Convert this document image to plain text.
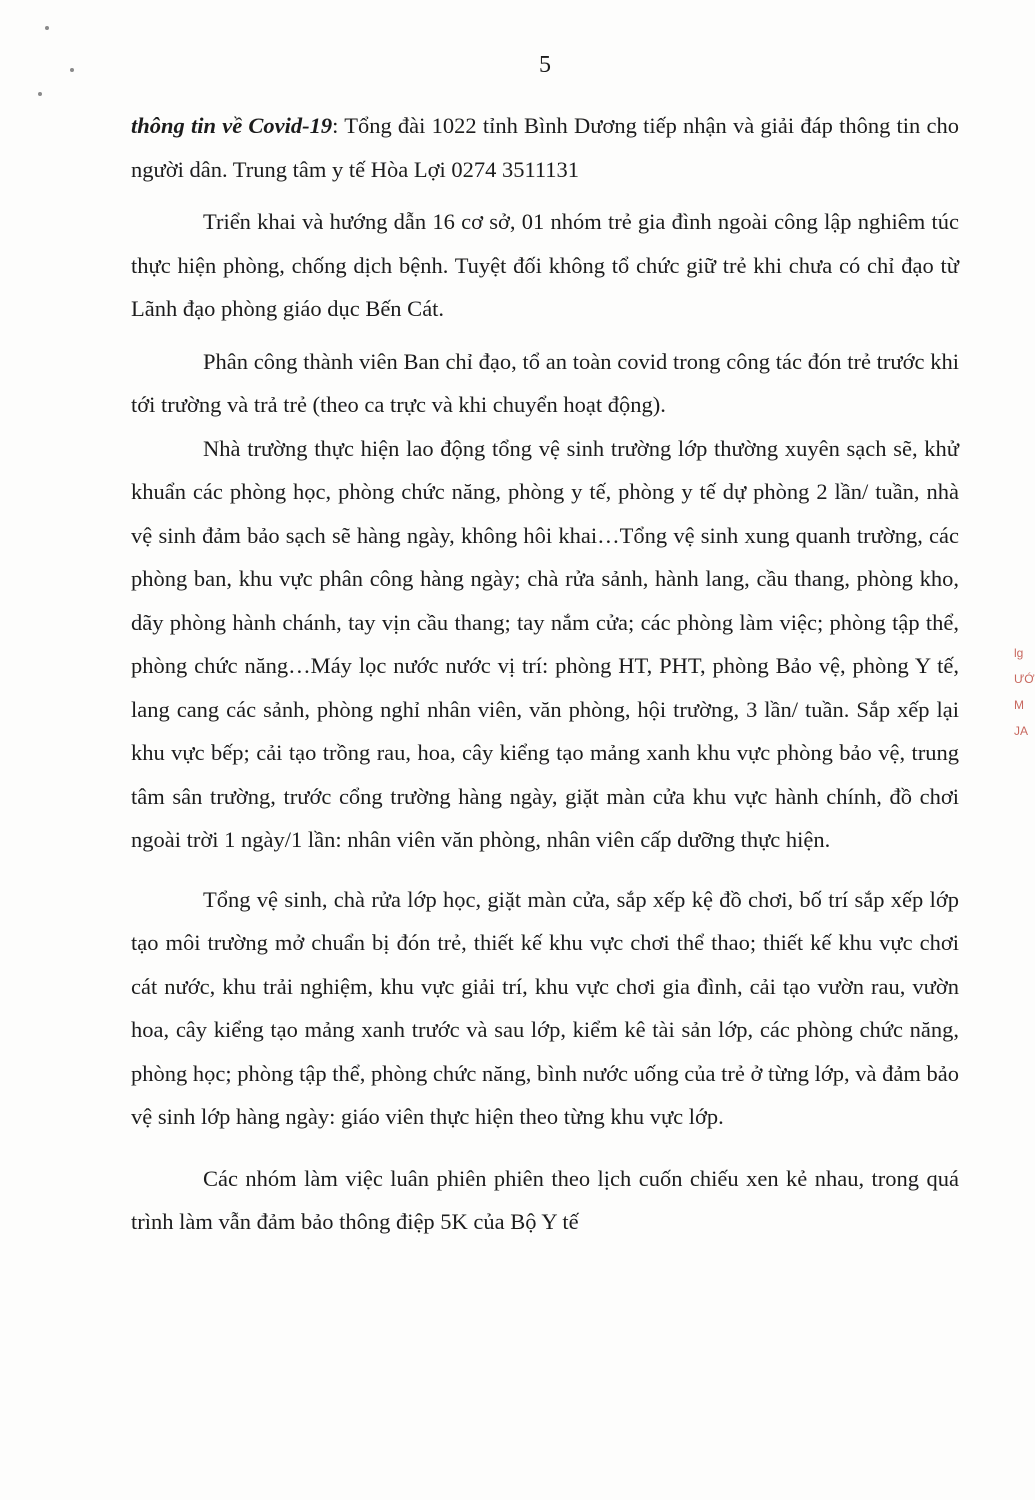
5

thông tin về Covid-19: Tổng đài 1022 tỉnh Bình Dương tiếp nhận và giải đáp thông tin cho người dân. Trung tâm y tế Hòa Lợi 0274 3511131

Triển khai và hướng dẫn 16 cơ sở, 01 nhóm trẻ gia đình ngoài công lập nghiêm túc thực hiện phòng, chống dịch bệnh. Tuyệt đối không tổ chức giữ trẻ khi chưa có chỉ đạo từ Lãnh đạo phòng giáo dục Bến Cát.

Phân công thành viên Ban chỉ đạo, tổ an toàn covid trong công tác đón trẻ trước khi tới trường và trả trẻ (theo ca trực và khi chuyển hoạt động).

Nhà trường thực hiện lao động tổng vệ sinh trường lớp thường xuyên sạch sẽ, khử khuẩn các phòng học, phòng chức năng, phòng y tế, phòng y tế dự phòng 2 lần/ tuần, nhà vệ sinh đảm bảo sạch sẽ hàng ngày, không hôi khai…Tổng vệ sinh xung quanh trường, các phòng ban, khu vực phân công hàng ngày; chà rửa sảnh, hành lang, cầu thang, phòng kho, dãy phòng hành chánh, tay vịn cầu thang; tay nắm cửa; các phòng làm việc; phòng tập thể, phòng chức năng…Máy lọc nước nước vị trí: phòng HT, PHT, phòng Bảo vệ, phòng Y tế, lang cang các sảnh, phòng nghỉ nhân viên, văn phòng, hội trường, 3 lần/ tuần. Sắp xếp lại khu vực bếp; cải tạo trồng rau, hoa, cây kiểng tạo mảng xanh khu vực phòng bảo vệ, trung tâm sân trường, trước cổng trường hàng ngày, giặt màn cửa khu vực hành chính, đồ chơi ngoài trời 1 ngày/1 lần: nhân viên văn phòng, nhân viên cấp dưỡng thực hiện.

Tổng vệ sinh, chà rửa lớp học, giặt màn cửa, sắp xếp kệ đồ chơi, bố trí sắp xếp lớp tạo môi trường mở chuẩn bị đón trẻ, thiết kế khu vực chơi thể thao; thiết kế khu vực chơi cát nước, khu trải nghiệm, khu vực giải trí, khu vực chơi gia đình, cải tạo vườn rau, vườn hoa, cây kiểng tạo mảng xanh trước và sau lớp, kiểm kê tài sản lớp, các phòng chức năng, phòng học; phòng tập thể, phòng chức năng, bình nước uống của trẻ ở từng lớp, và đảm bảo vệ sinh lớp hàng ngày: giáo viên thực hiện theo từng khu vực lớp.

Các nhóm làm việc luân phiên phiên theo lịch cuốn chiếu xen kẻ nhau, trong quá trình làm vẫn đảm bảo thông điệp 5K của Bộ Y tế

lg
ƯỚ
M
JA
